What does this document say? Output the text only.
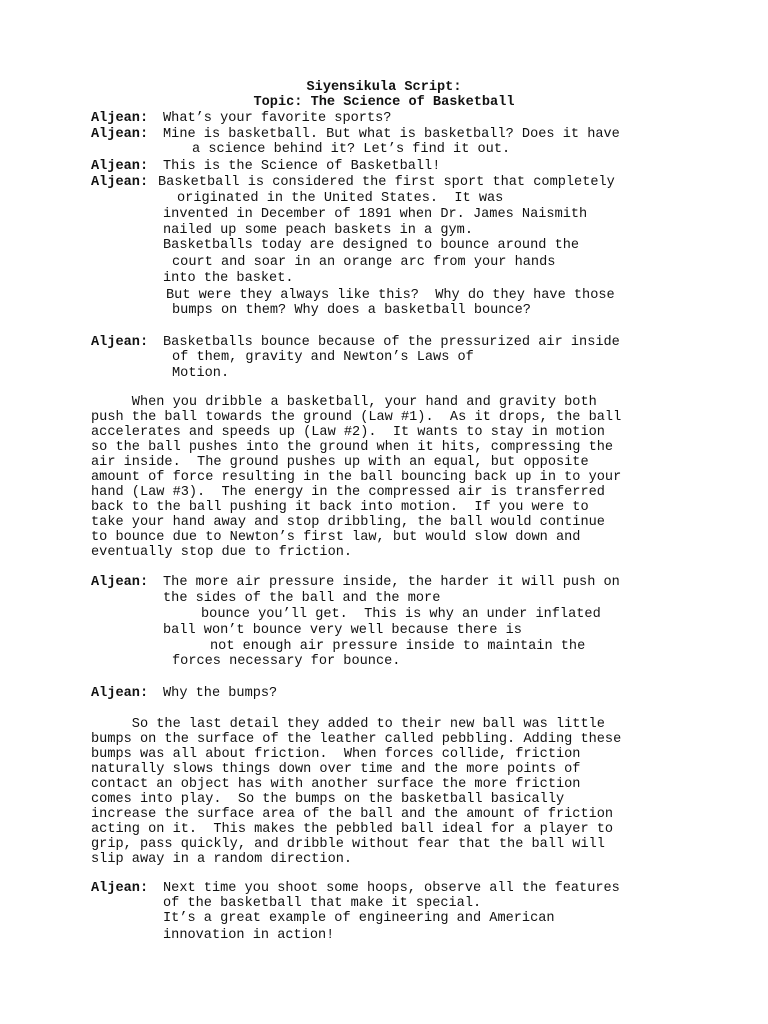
Siyensikula Script:
Topic: The Science of Basketball
Aljean: What’s your favorite sports?
Aljean: Mine is basketball. But what is basketball? Does it have
a science behind it? Let’s find it out.
Aljean: This is the Science of Basketball!
Aljean: Basketball is considered the first sport that completely
originated in the United States.  It was
invented in December of 1891 when Dr. James Naismith
nailed up some peach baskets in a gym.
Basketballs today are designed to bounce around the
court and soar in an orange arc from your hands
into the basket.
But were they always like this?  Why do they have those
bumps on them? Why does a basketball bounce?
Aljean: Basketballs bounce because of the pressurized air inside
of them, gravity and Newton’s Laws of
Motion.
When you dribble a basketball, your hand and gravity both
push the ball towards the ground (Law #1).  As it drops, the ball
accelerates and speeds up (Law #2).  It wants to stay in motion
so the ball pushes into the ground when it hits, compressing the
air inside.  The ground pushes up with an equal, but opposite
amount of force resulting in the ball bouncing back up in to your
hand (Law #3).  The energy in the compressed air is transferred
back to the ball pushing it back into motion.  If you were to
take your hand away and stop dribbling, the ball would continue
to bounce due to Newton’s first law, but would slow down and
eventually stop due to friction.
Aljean: The more air pressure inside, the harder it will push on
the sides of the ball and the more
bounce you’ll get.  This is why an under inflated
ball won’t bounce very well because there is
not enough air pressure inside to maintain the
forces necessary for bounce.
Aljean: Why the bumps?
So the last detail they added to their new ball was little
bumps on the surface of the leather called pebbling. Adding these
bumps was all about friction.  When forces collide, friction
naturally slows things down over time and the more points of
contact an object has with another surface the more friction
comes into play.  So the bumps on the basketball basically
increase the surface area of the ball and the amount of friction
acting on it.  This makes the pebbled ball ideal for a player to
grip, pass quickly, and dribble without fear that the ball will
slip away in a random direction.
Aljean: Next time you shoot some hoops, observe all the features
of the basketball that make it special.
It’s a great example of engineering and American
innovation in action!
